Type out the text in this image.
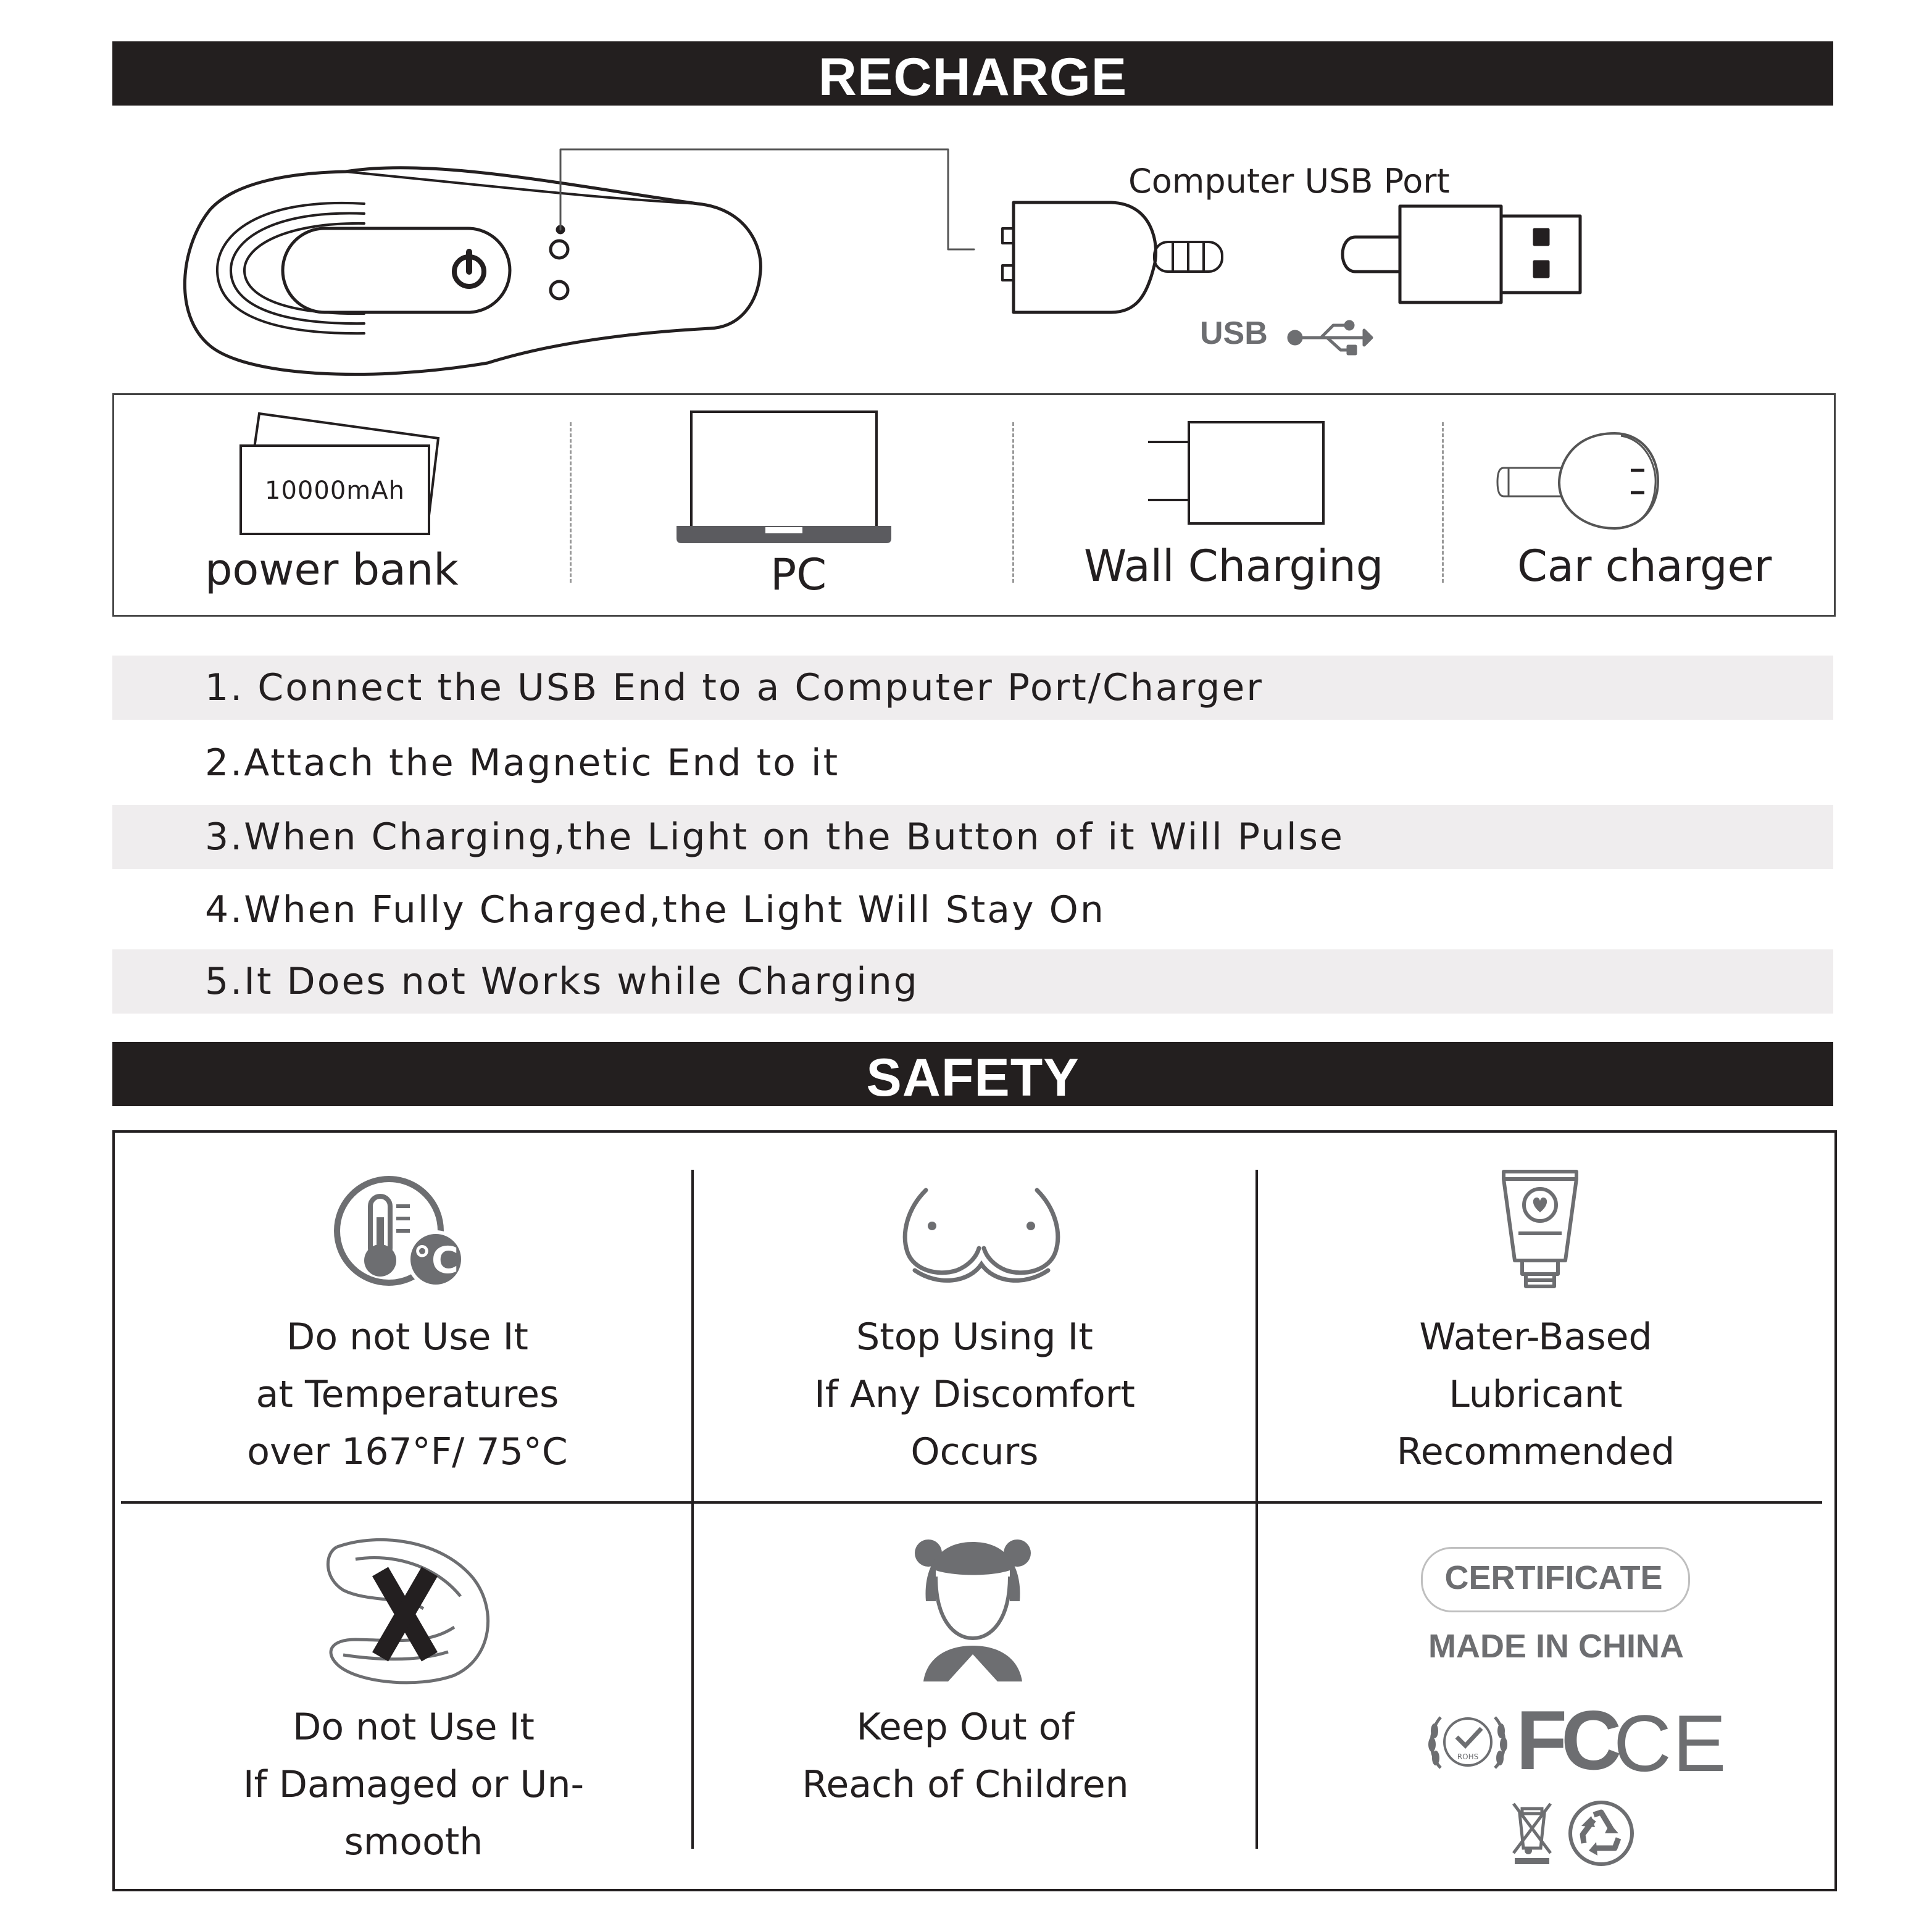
RECHARGE
Computer USB Port
USB
10000mAh
power bank	PC	Wall Charging	Car charger
1. Connect the USB End to a Computer Port/Charger
2.Attach the Magnetic End to it
3.When Charging,the Light on the Button of it Will Pulse
4.When Fully Charged,the Light Will Stay On
5.It Does not Works while Charging
SAFETY
°C
CERTIFICATE
MADE IN CHINA
ROHS FC
CE
Do not Use It
at Temperatures
over 167°F/ 75°C
Stop Using It
If Any Discomfort
Occurs
Water-Based
Lubricant
Recommended
Do not Use It
If Damaged or Un-
smooth
Keep Out of
Reach of Children
